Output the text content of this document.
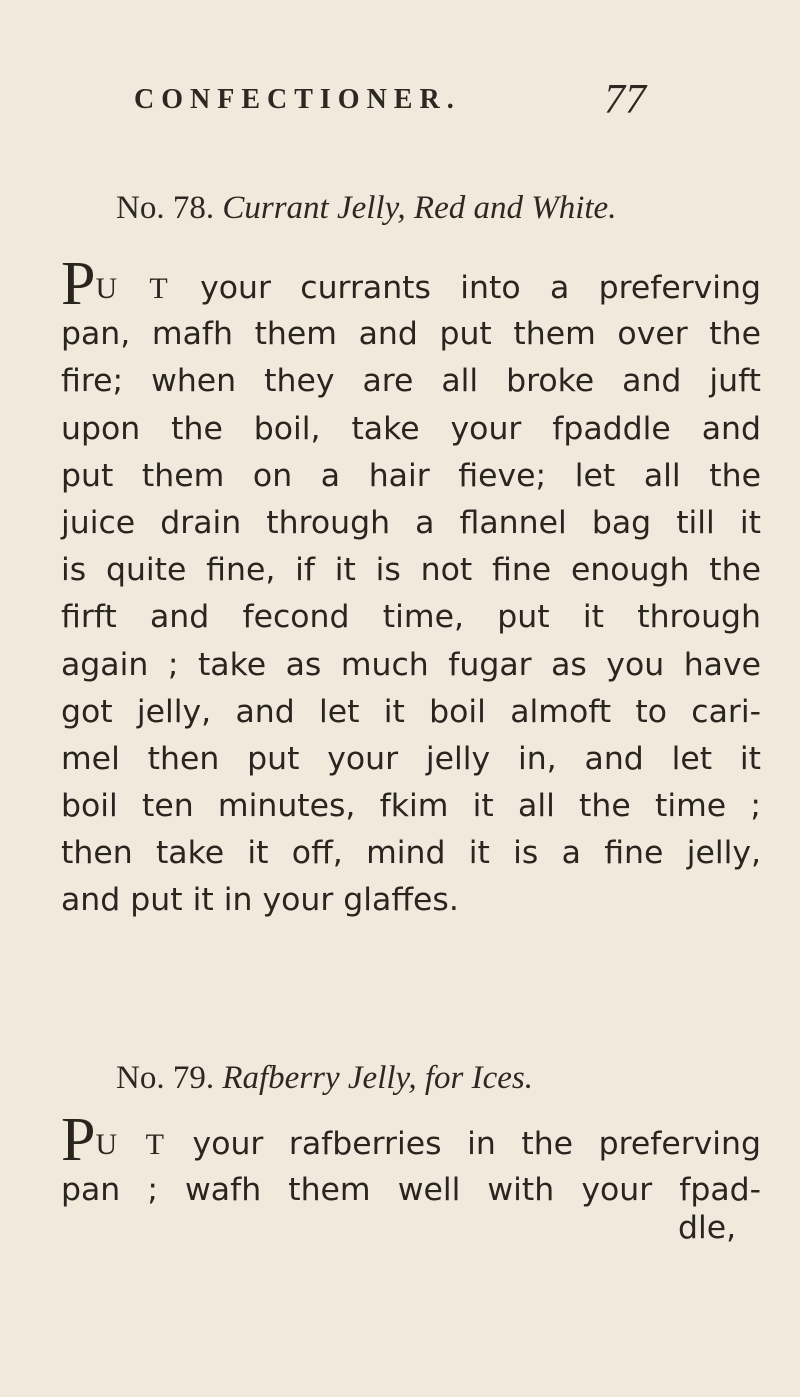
CONFECTIONER.	77
No. 78. Currant Jelly, Red and White.
PU T your currants into a preferving
pan, mafh them and put them over the
fire; when they are all broke and juft
upon the boil, take your fpaddle and
put them on a hair fieve; let all the
juice drain through a flannel bag till it
is quite fine, if it is not fine enough the
firft and fecond time, put it through
again ; take as much fugar as you have
got jelly, and let it boil almoft to cari-
mel then put your jelly in, and let it
boil ten minutes, fkim it all the time ;
then take it off, mind it is a fine jelly,
and put it in your glaffes.
No. 79. Rafberry Jelly, for Ices.
PU T your rafberries in the preferving
pan ; wafh them well with your fpad-
dle,
